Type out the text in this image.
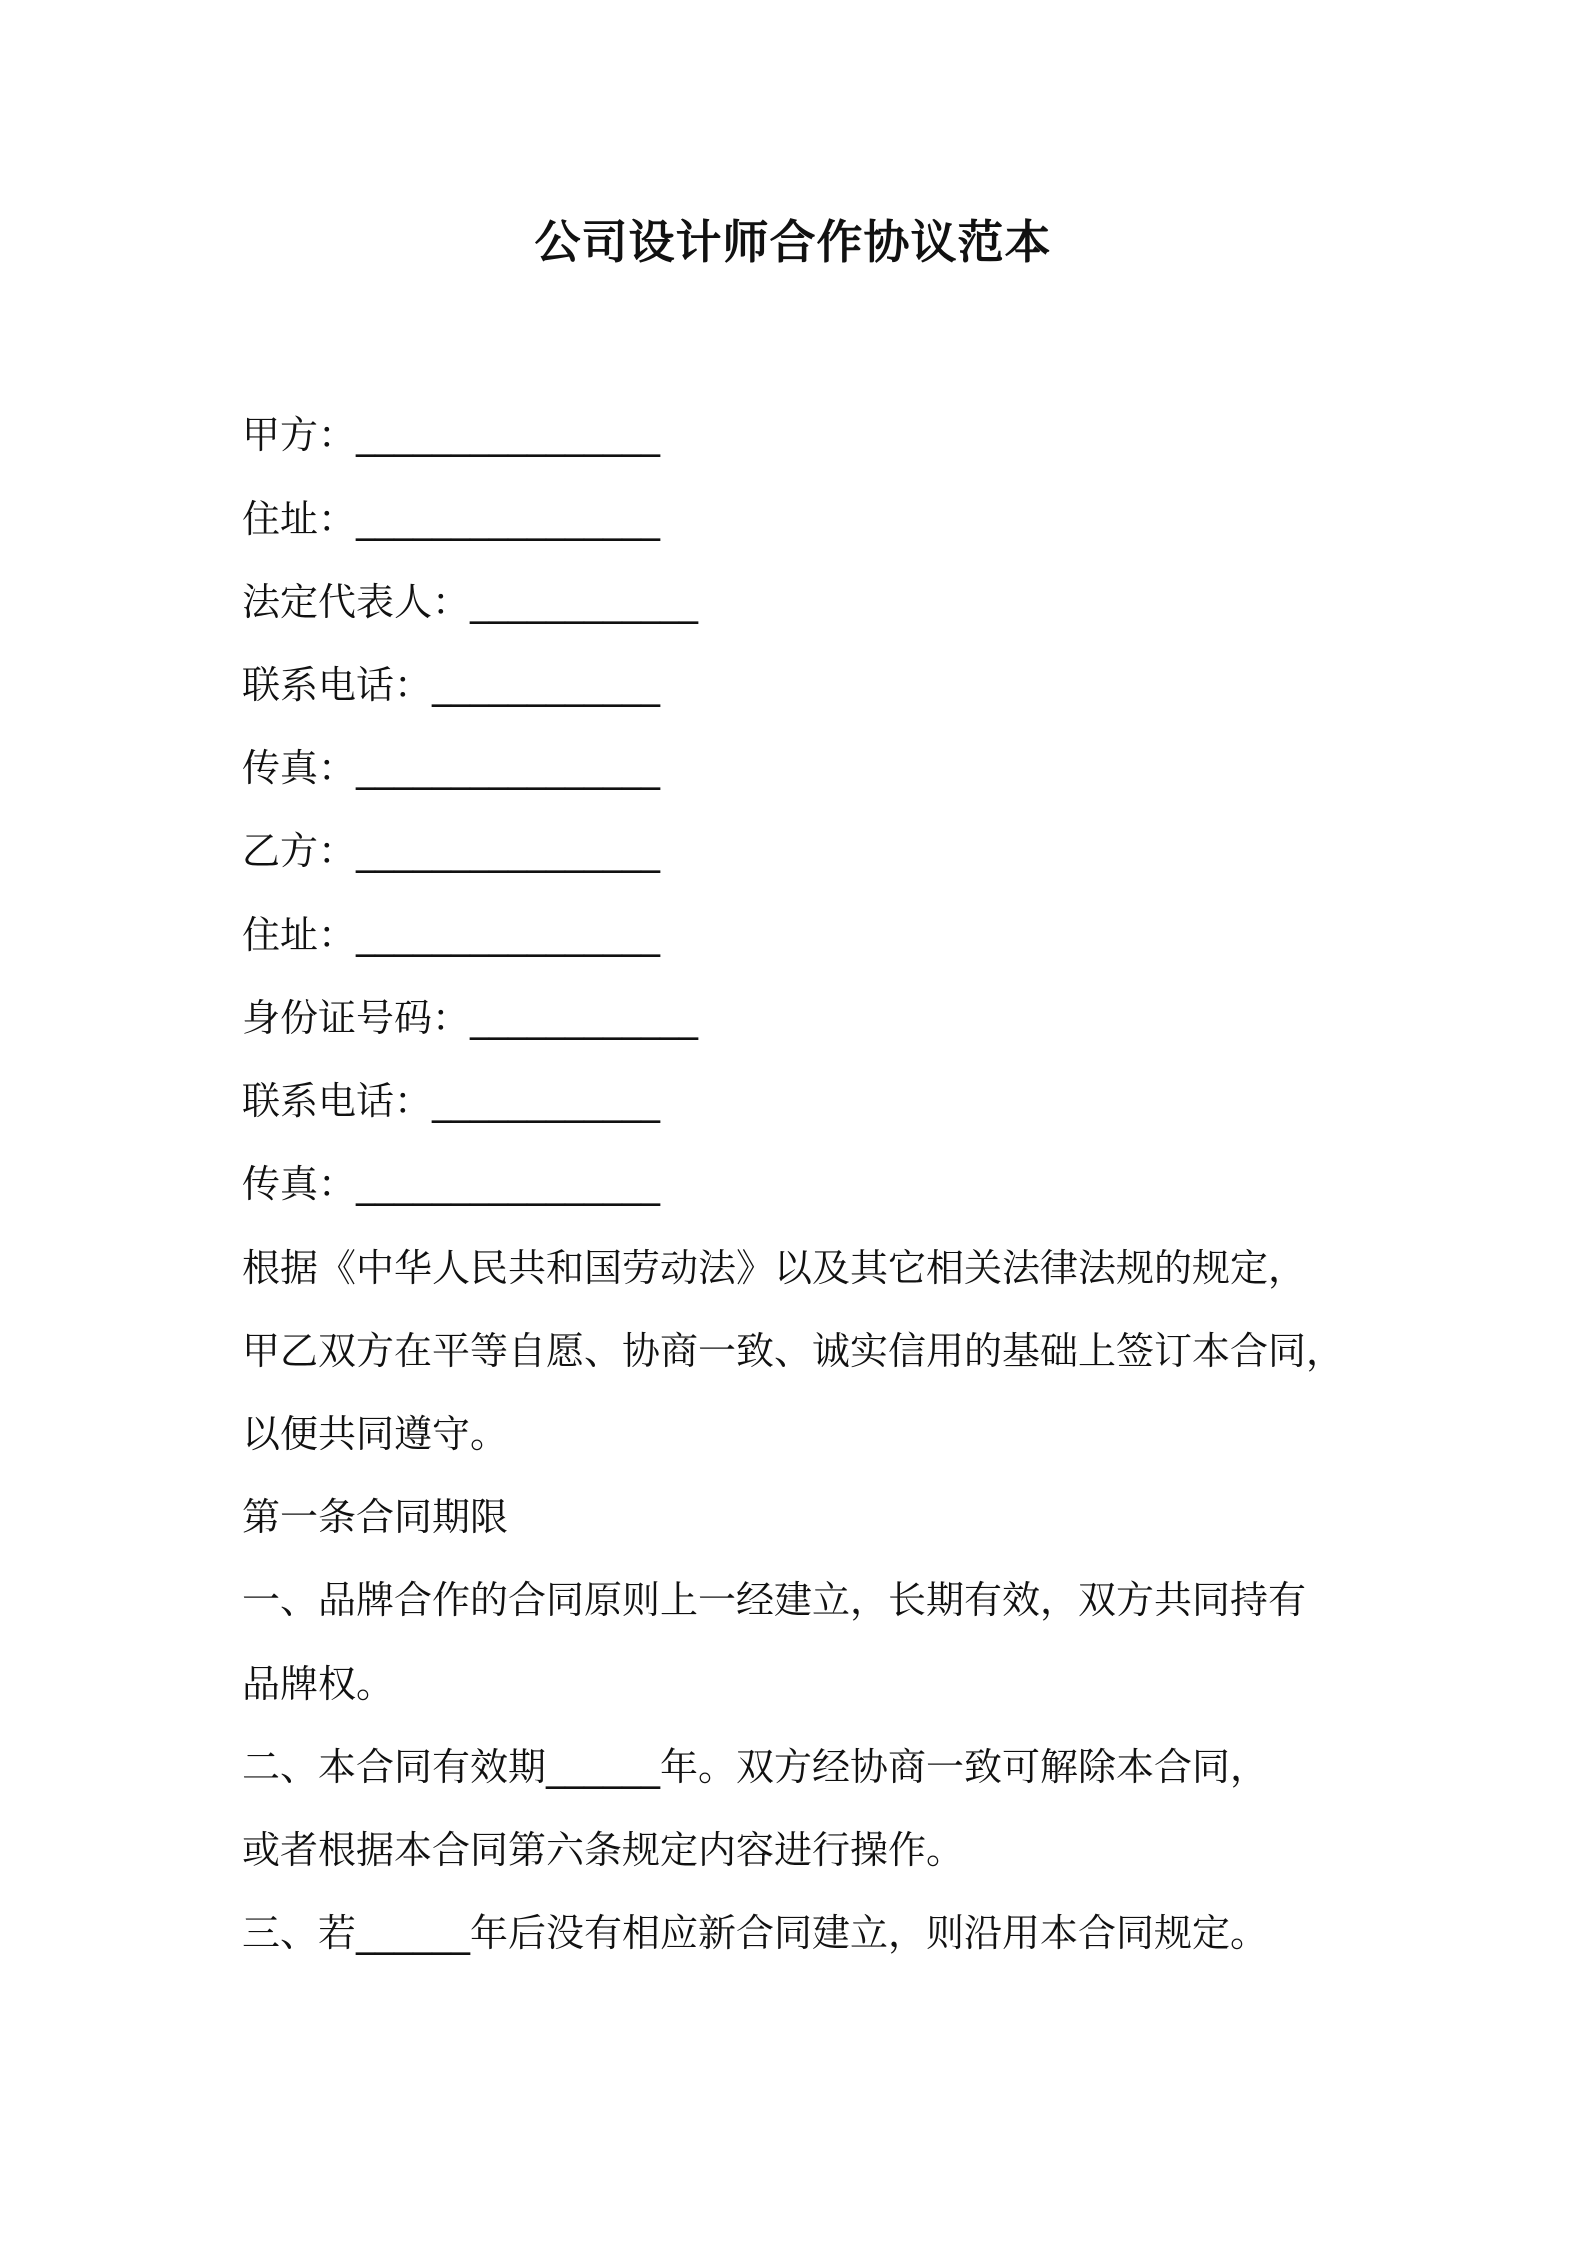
公司设计师合作协议范本

甲方：________________

住址：________________

法定代表人：____________

联系电话：____________

传真：________________

乙方：________________

住址：________________

身份证号码：____________

联系电话：____________

传真：________________

根据《中华人民共和国劳动法》以及其它相关法律法规的规定，

甲乙双方在平等自愿、协商一致、诚实信用的基础上签订本合同，

以便共同遵守。

第一条合同期限

一、品牌合作的合同原则上一经建立，长期有效，双方共同持有

品牌权。

二、本合同有效期______年。双方经协商一致可解除本合同，

或者根据本合同第六条规定内容进行操作。

三、若______年后没有相应新合同建立，则沿用本合同规定。
